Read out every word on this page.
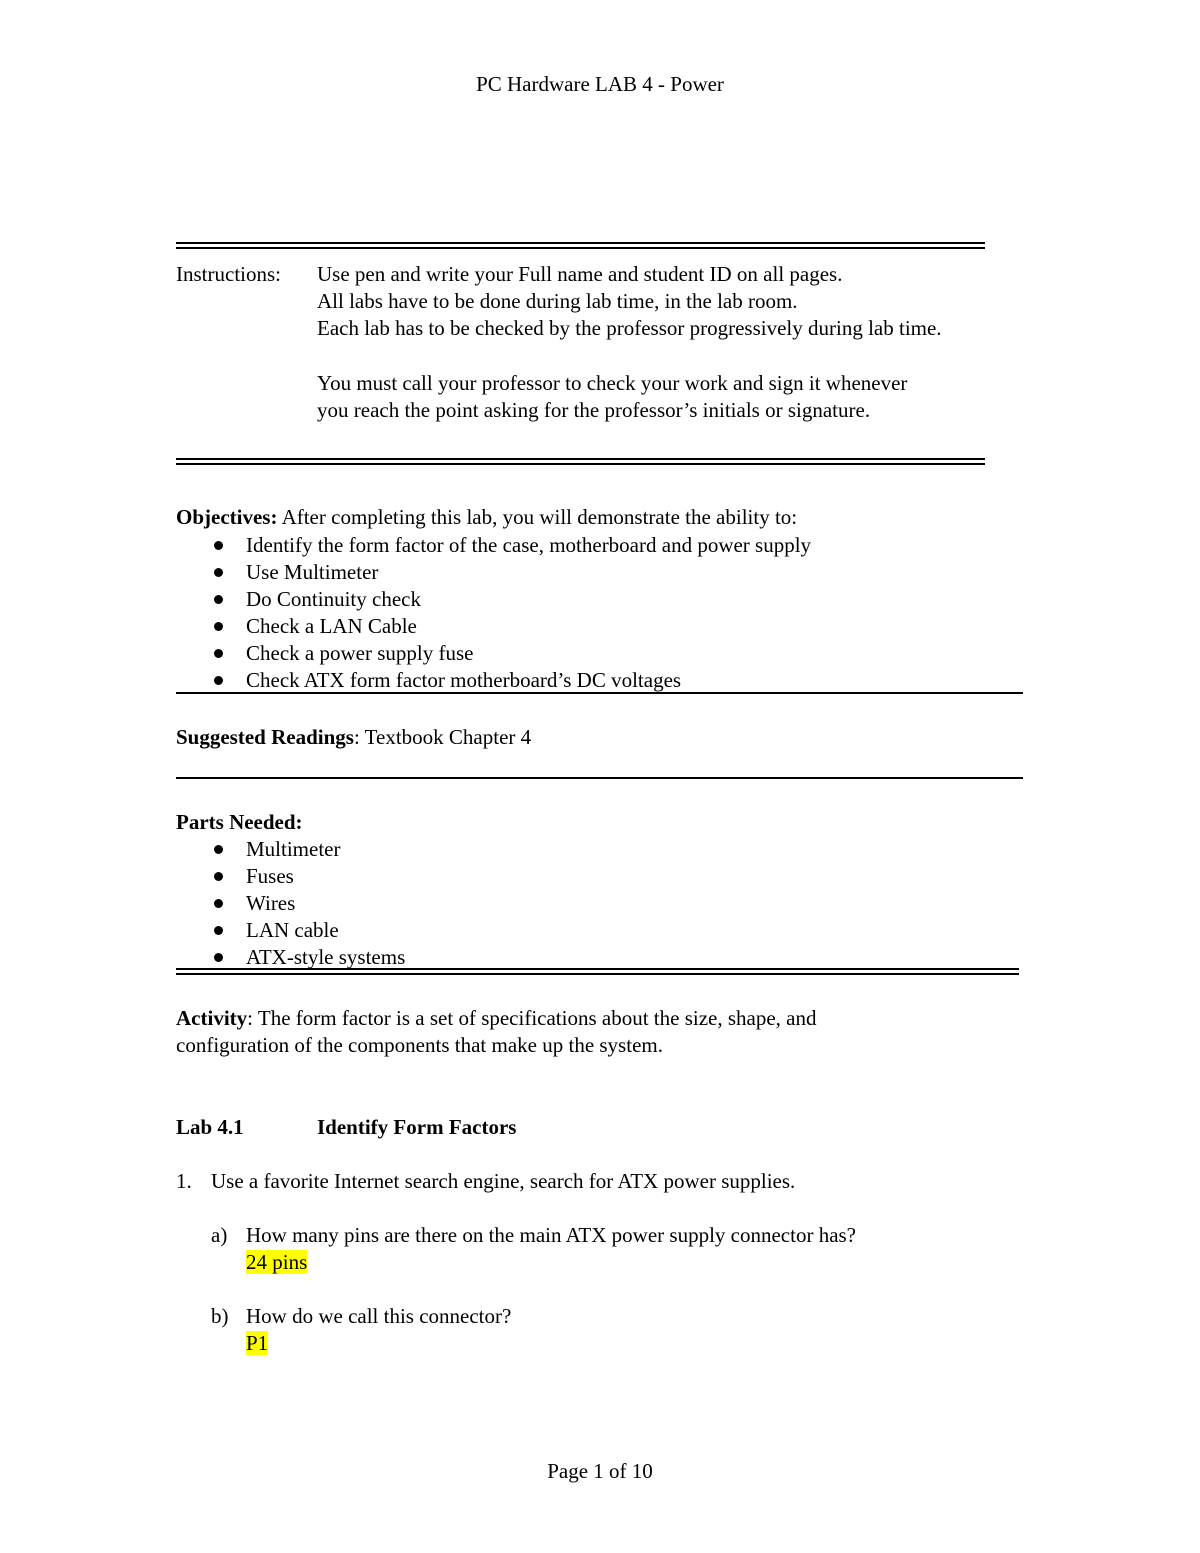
PC Hardware LAB 4 - Power
Instructions: Use pen and write your Full name and student ID on all pages.
All labs have to be done during lab time, in the lab room.
Each lab has to be checked by the professor progressively during lab time.
You must call your professor to check your work and sign it whenever
you reach the point asking for the professor’s initials or signature.
Objectives: After completing this lab, you will demonstrate the ability to:
Identify the form factor of the case, motherboard and power supply
Use Multimeter
Do Continuity check
Check a LAN Cable
Check a power supply fuse
Check ATX form factor motherboard’s DC voltages
Suggested Readings: Textbook Chapter 4
Parts Needed:
Multimeter
Fuses
Wires
LAN cable
ATX-style systems
Activity: The form factor is a set of specifications about the size, shape, and
configuration of the components that make up the system.
Lab 4.1	Identify Form Factors
1. Use a favorite Internet search engine, search for ATX power supplies.
a) How many pins are there on the main ATX power supply connector has?
24 pins
b) How do we call this connector?
P1
Page 1 of 10
